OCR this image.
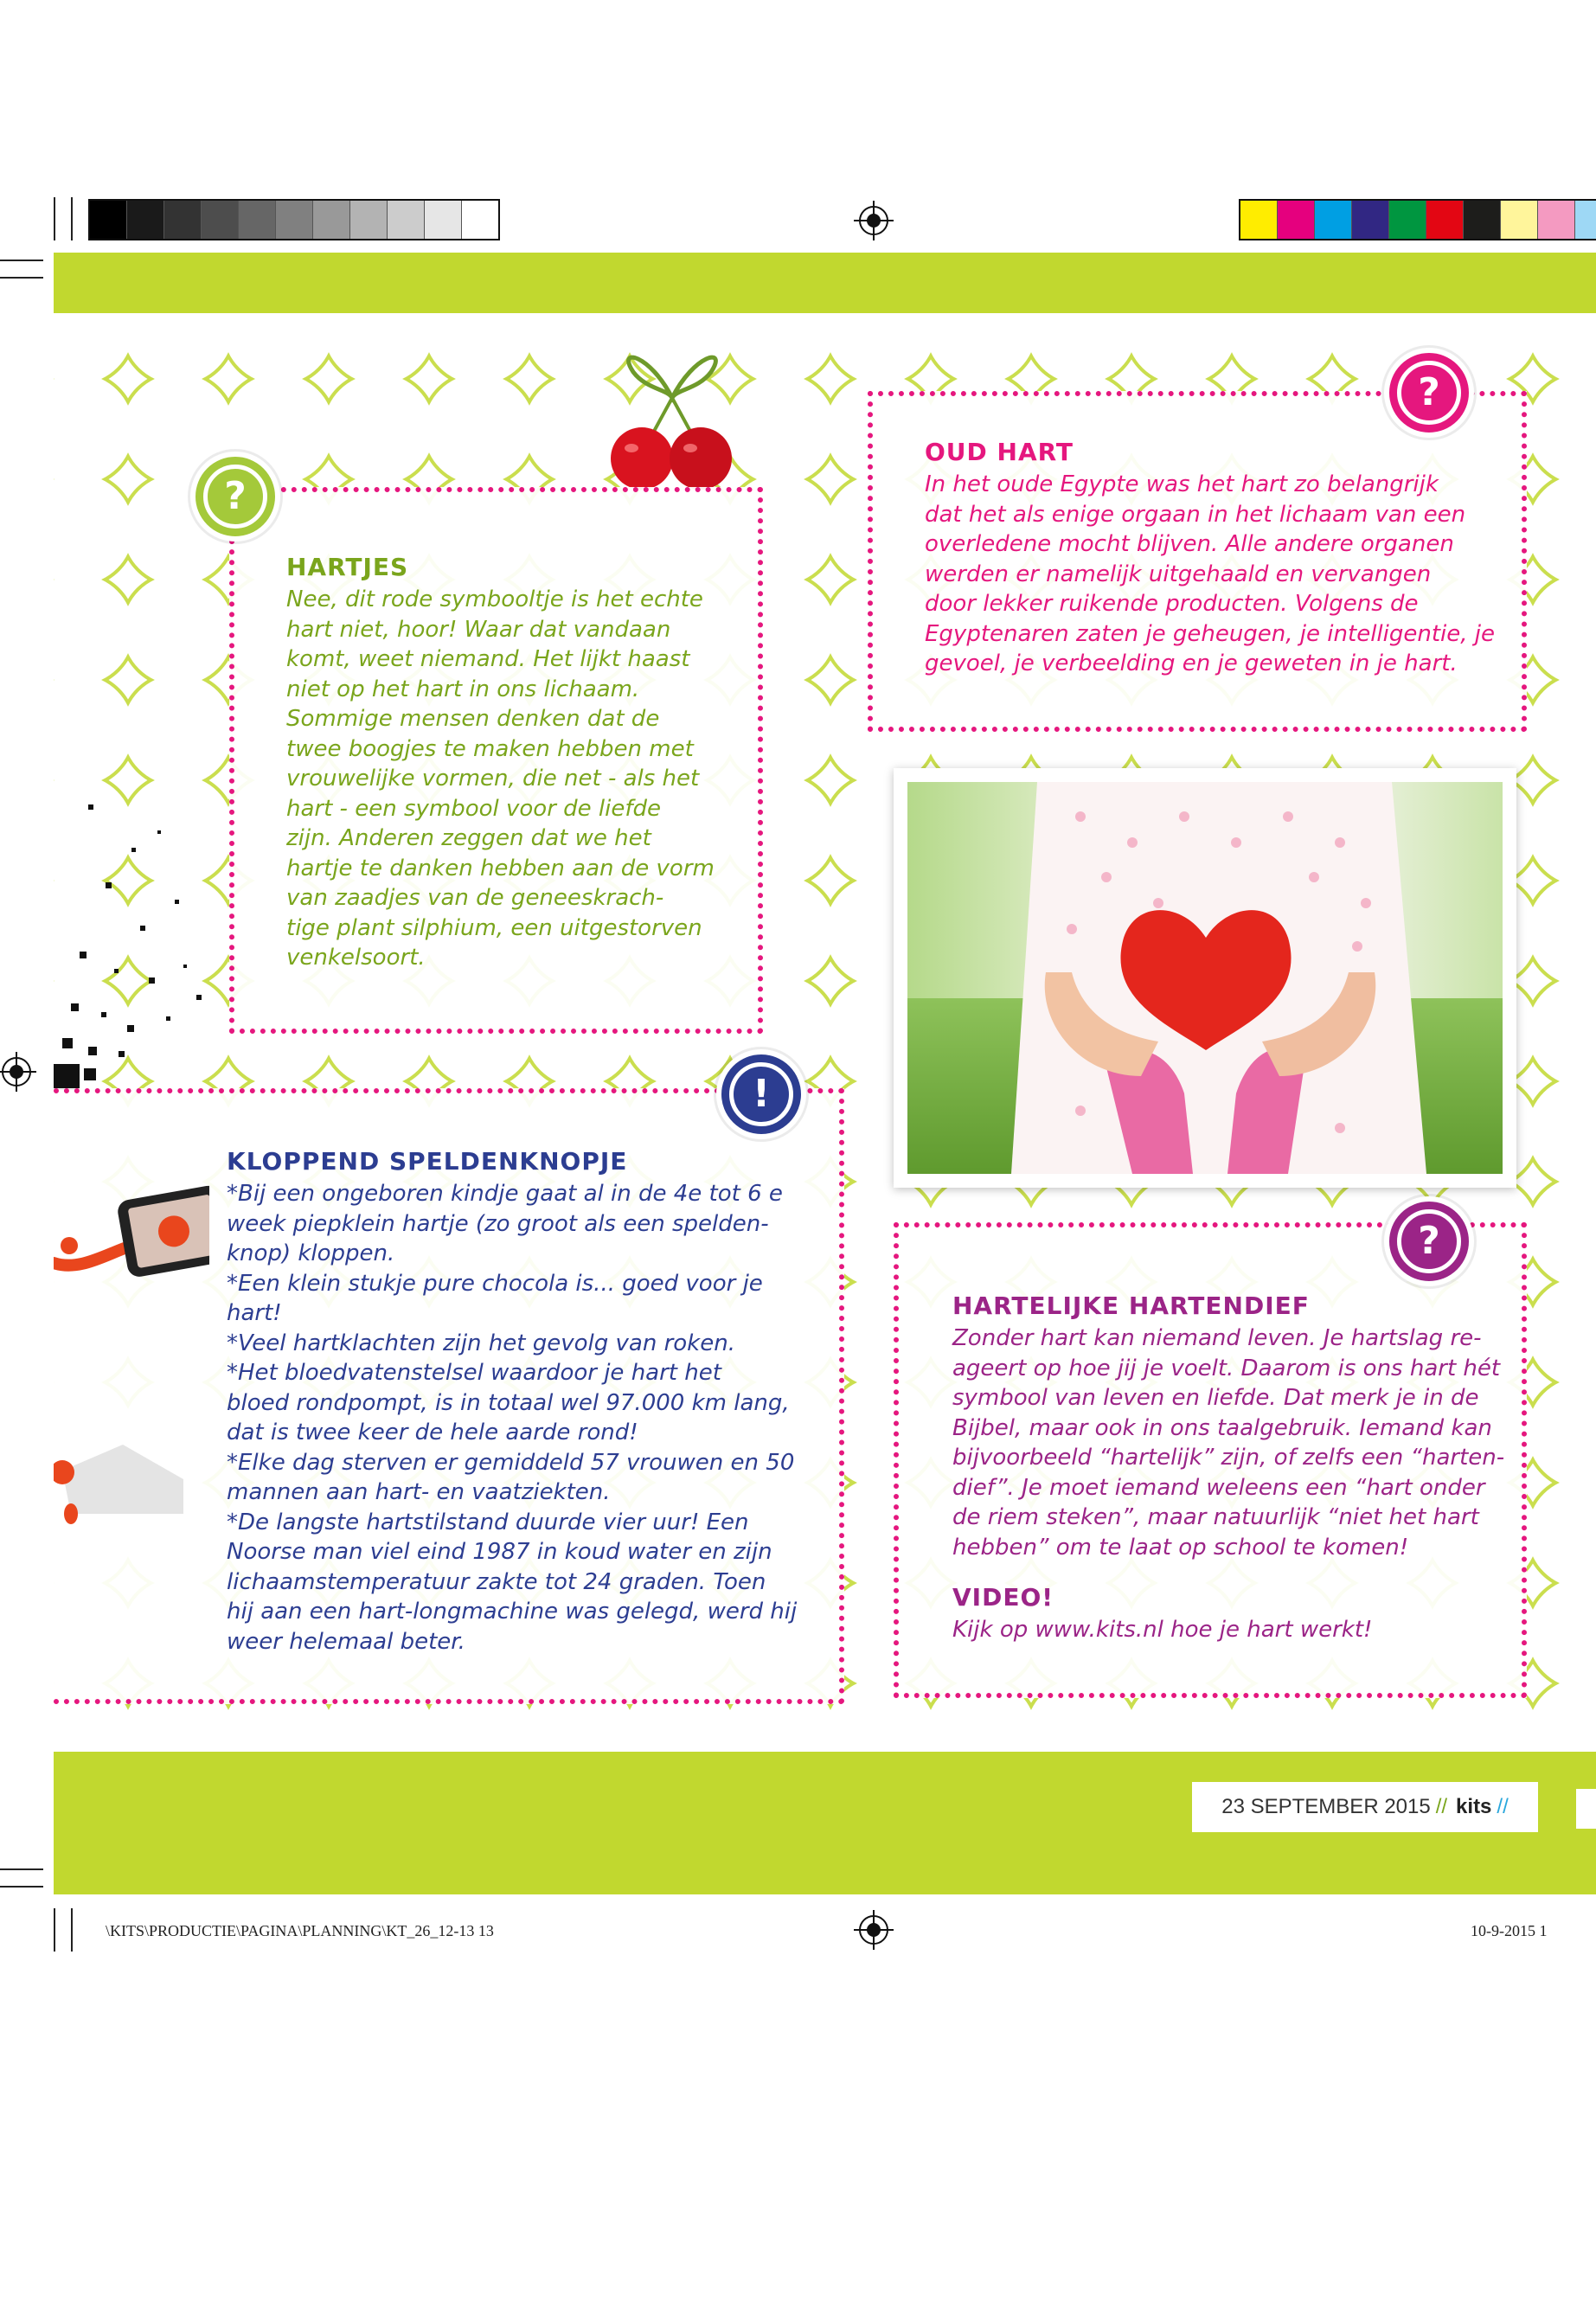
HARTJES
Nee, dit rode symbooltje is het echte
hart niet, hoor! Waar dat vandaan
komt, weet niemand. Het lijkt haast
niet op het hart in ons lichaam.
Sommige mensen denken dat de
twee boogjes te maken hebben met
vrouwelijke vormen, die net - als het
hart - een symbool voor de liefde
zijn. Anderen zeggen dat we het
hartje te danken hebben aan de vorm
van zaadjes van de geneeskrach-
tige plant silphium, een uitgestorven
venkelsoort.
?
OUD HART
In het oude Egypte was het hart zo belangrijk
dat het als enige orgaan in het lichaam van een
overledene mocht blijven. Alle andere organen
werden er namelijk uitgehaald en vervangen
door lekker ruikende producten. Volgens de
Egyptenaren zaten je geheugen, je intelligentie, je
gevoel, je verbeelding en je geweten in je hart.
?
KLOPPEND SPELDENKNOPJE
*Bij een ongeboren kindje gaat al in de 4e tot 6 e
week piepklein hartje (zo groot als een spelden-
knop) kloppen.
*Een klein stukje pure chocola is... goed voor je
hart!
*Veel hartklachten zijn het gevolg van roken.
*Het bloedvatenstelsel waardoor je hart het
bloed rondpompt, is in totaal wel 97.000 km lang,
dat is twee keer de hele aarde rond!
*Elke dag sterven er gemiddeld 57 vrouwen en 50
mannen aan hart- en vaatziekten.
*De langste hartstilstand duurde vier uur! Een
Noorse man viel eind 1987 in koud water en zijn
lichaamstemperatuur zakte tot 24 graden. Toen
hij aan een hart-longmachine was gelegd, werd hij
weer helemaal beter.
!
HARTELIJKE HARTENDIEF
Zonder hart kan niemand leven. Je hartslag re-
ageert op hoe jij je voelt. Daarom is ons hart hét
symbool van leven en liefde. Dat merk je in de
Bijbel, maar ook in ons taalgebruik. Iemand kan
bijvoorbeeld “hartelijk” zijn, of zelfs een “harten-
dief”. Je moet iemand weleens een “hart onder
de riem steken”, maar natuurlijk “niet het hart
hebben” om te laat op school te komen!
VIDEO!
Kijk op www.kits.nl hoe je hart werkt!
?
23 SEPTEMBER 2015 // kits //
\KITS\PRODUCTIE\PAGINA\PLANNING\KT_26_12-13 13	10-9-2015 1
